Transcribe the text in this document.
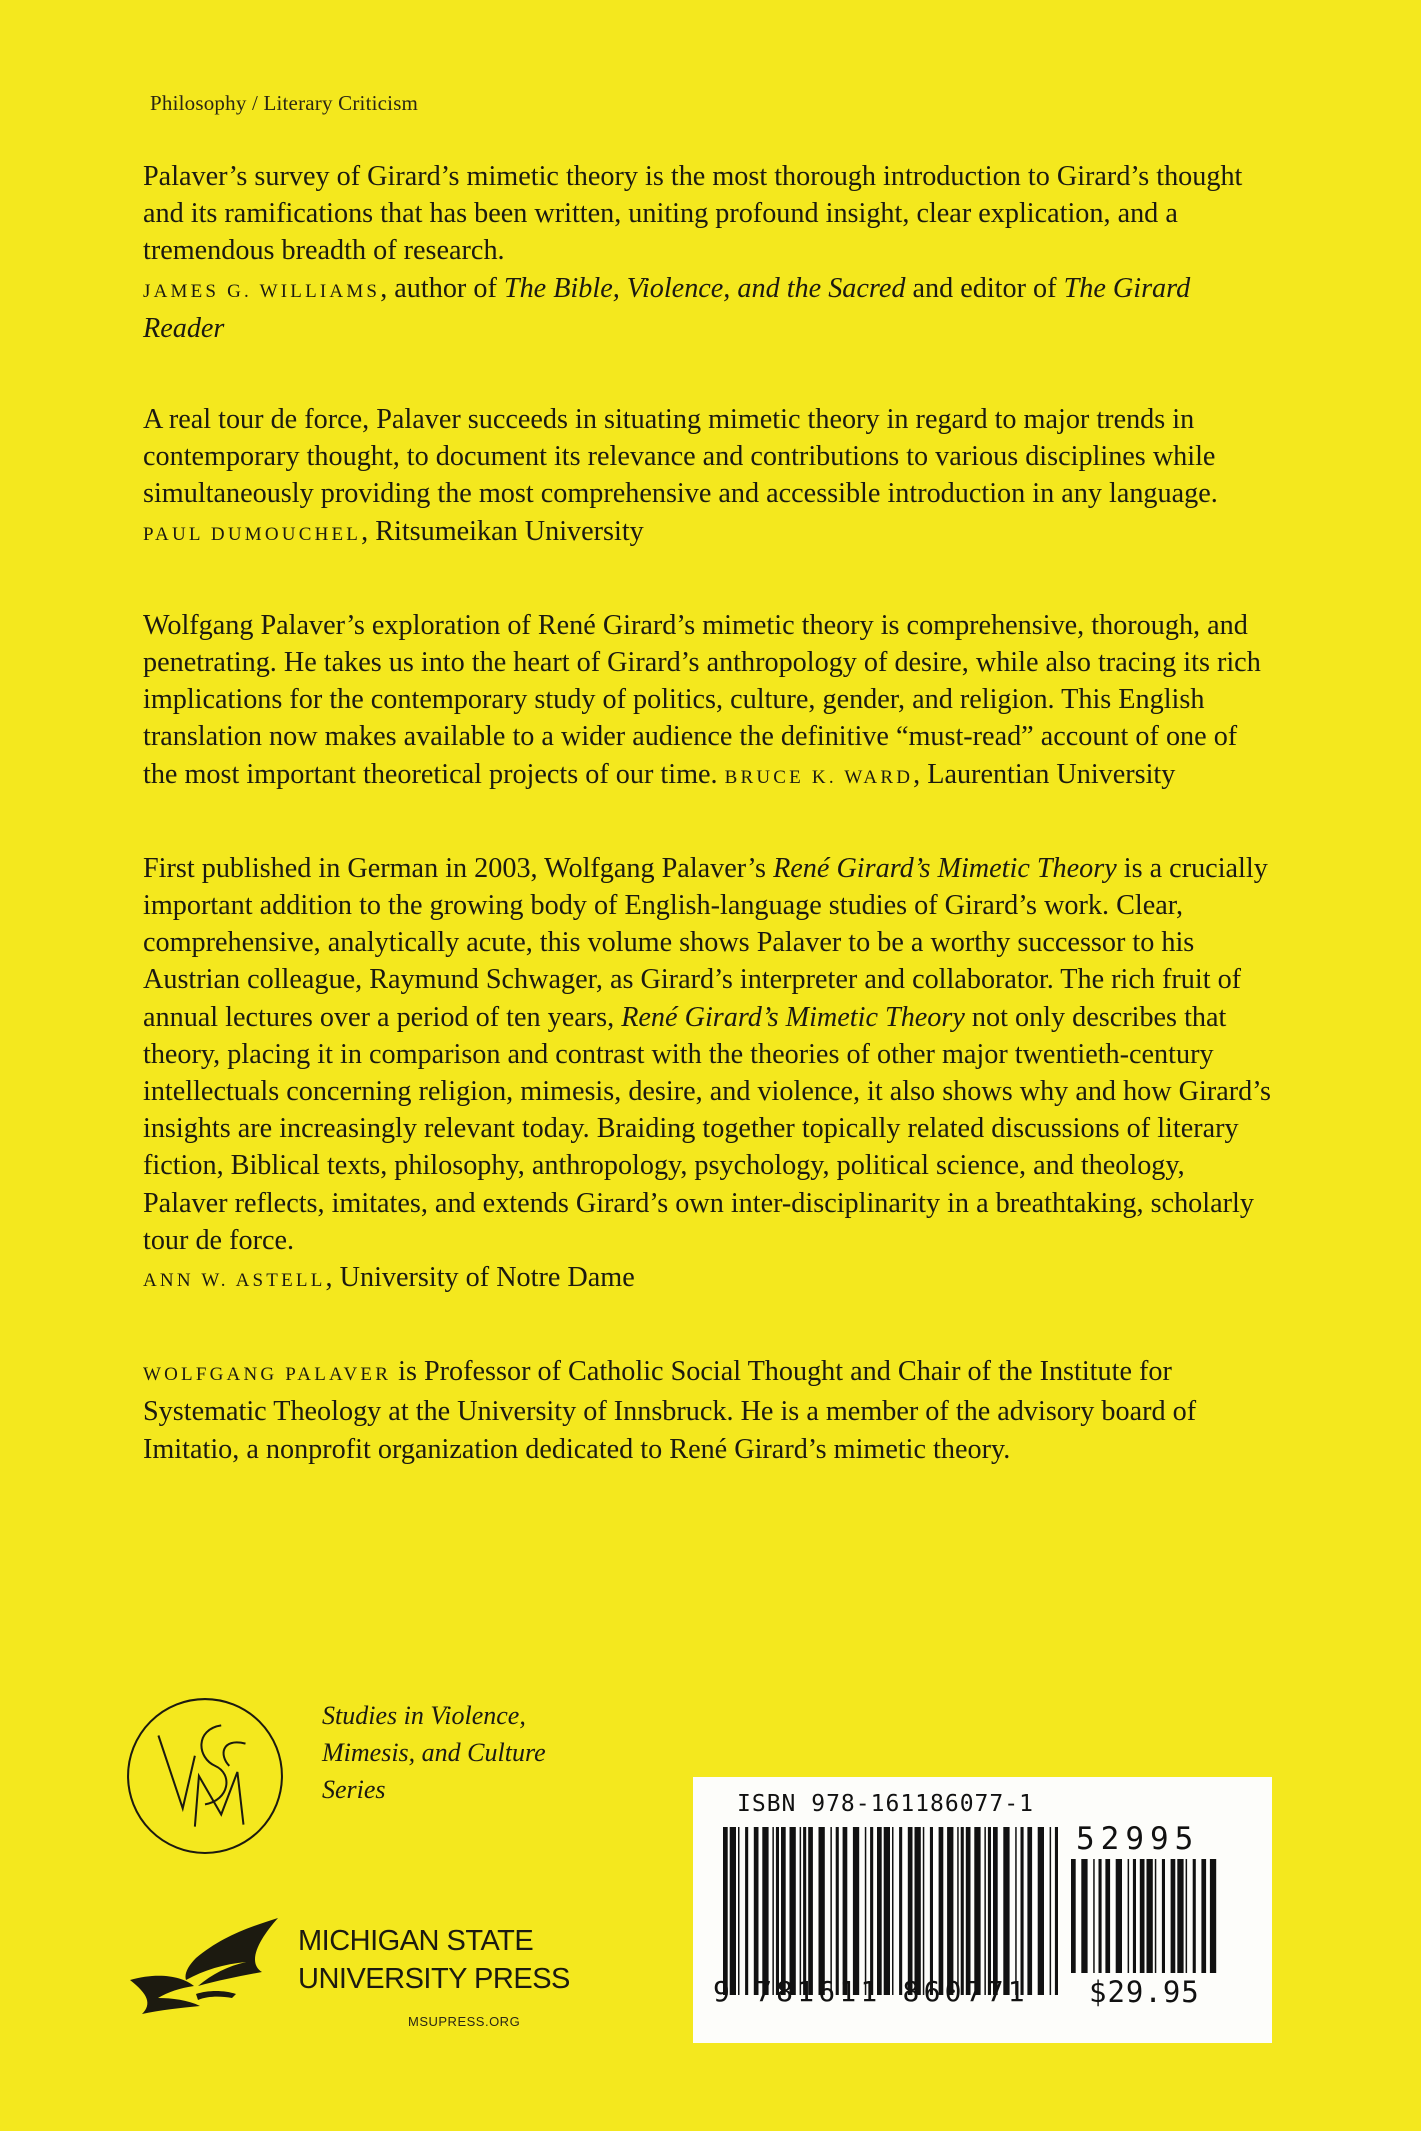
Philosophy / Literary Criticism

Palaver’s survey of Girard’s mimetic theory is the most thorough introduction to Girard’s thought and its ramifications that has been written, uniting profound insight, clear explication, and a tremendous breadth of research.
JAMES G. WILLIAMS, author of The Bible, Violence, and the Sacred and editor of The Girard Reader

A real tour de force, Palaver succeeds in situating mimetic theory in regard to major trends in contemporary thought, to document its relevance and contributions to various disciplines while simultaneously providing the most comprehensive and accessible introduction in any language. PAUL DUMOUCHEL, Ritsumeikan University

Wolfgang Palaver’s exploration of René Girard’s mimetic theory is comprehensive, thorough, and penetrating. He takes us into the heart of Girard’s anthropology of desire, while also tracing its rich implications for the contemporary study of politics, culture, gender, and religion. This English translation now makes available to a wider audience the definitive “must-read” account of one of the most important theoretical projects of our time. BRUCE K. WARD, Laurentian University

First published in German in 2003, Wolfgang Palaver’s René Girard’s Mimetic Theory is a crucially important addition to the growing body of English-language studies of Girard’s work. Clear, comprehensive, analytically acute, this volume shows Palaver to be a worthy successor to his Austrian colleague, Raymund Schwager, as Girard’s interpreter and collaborator. The rich fruit of annual lectures over a period of ten years, René Girard’s Mimetic Theory not only describes that theory, placing it in comparison and contrast with the theories of other major twentieth-century intellectuals concerning religion, mimesis, desire, and violence, it also shows why and how Girard’s insights are increasingly relevant today. Braiding together topically related discussions of literary fiction, Biblical texts, philosophy, anthropology, psychology, political science, and theology, Palaver reflects, imitates, and extends Girard’s own inter-disciplinarity in a breathtaking, scholarly tour de force.
ANN W. ASTELL, University of Notre Dame

WOLFGANG PALAVER is Professor of Catholic Social Thought and Chair of the Institute for Systematic Theology at the University of Innsbruck. He is a member of the advisory board of Imitatio, a nonprofit organization dedicated to René Girard’s mimetic theory.

Studies in Violence,
Mimesis, and Culture
Series
MICHIGAN STATE
UNIVERSITY PRESS
MSUPRESS.ORG
ISBN 978-161186077-1
9 781611 860771
52995
$29.95
